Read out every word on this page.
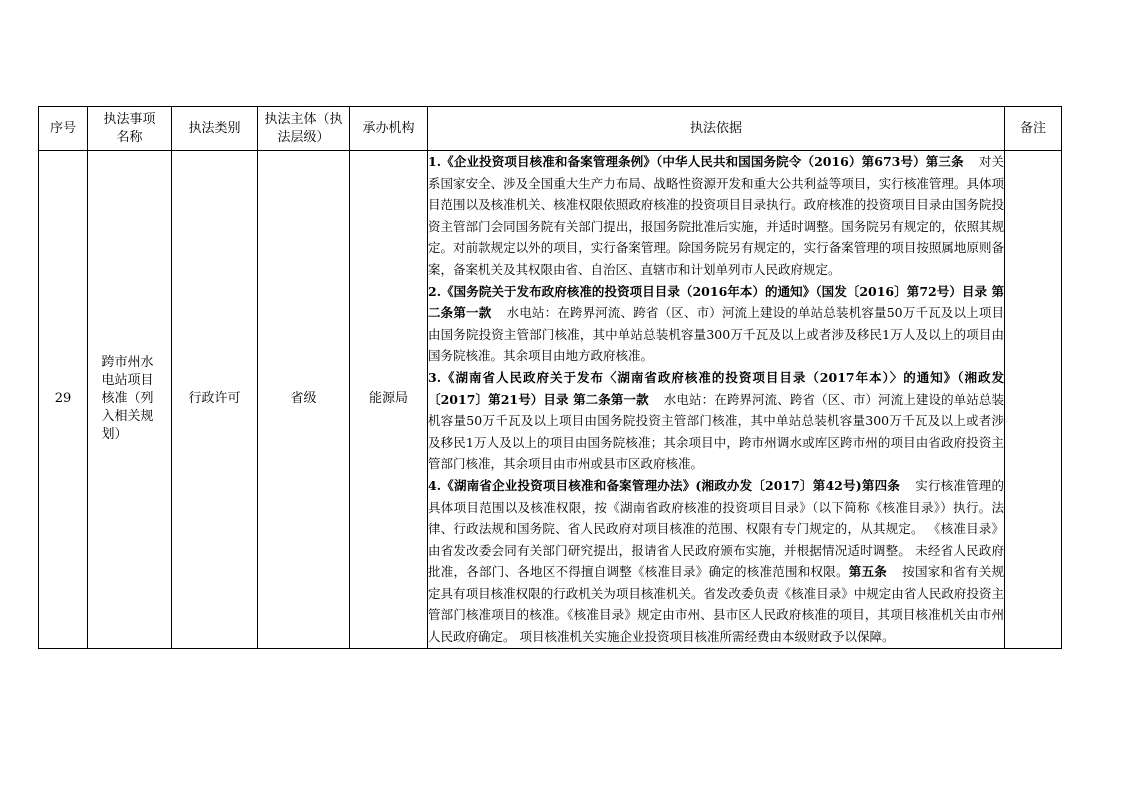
序号	执法事项名称	执法类别	执法主体（执法层级）	承办机构	执法依据	备注
29	跨市州水电站项目核准（列入相关规划）	行政许可	省级	能源局	1.《企业投资项目核准和备案管理条例》（中华人民共和国国务院令（2016）第673号）第三条 对关系国家安全、涉及全国重大生产力布局、战略性资源开发和重大公共利益等项目，实行核准管理。具体项目范围以及核准机关、核准权限依照政府核准的投资项目目录执行。政府核准的投资项目目录由国务院投资主管部门会同国务院有关部门提出，报国务院批准后实施，并适时调整。国务院另有规定的，依照其规定。对前款规定以外的项目，实行备案管理。除国务院另有规定的，实行备案管理的项目按照属地原则备案，备案机关及其权限由省、自治区、直辖市和计划单列市人民政府规定。

2.《国务院关于发布政府核准的投资项目目录（2016年本）的通知》（国发〔2016〕第72号）目录 第二条第一款 水电站：在跨界河流、跨省（区、市）河流上建设的单站总装机容量50万千瓦及以上项目由国务院投资主管部门核准，其中单站总装机容量300万千瓦及以上或者涉及移民1万人及以上的项目由国务院核准。其余项目由地方政府核准。

3.《湖南省人民政府关于发布〈湖南省政府核准的投资项目目录（2017年本）〉的通知》（湘政发〔2017〕第21号）目录 第二条第一款 水电站：在跨界河流、跨省（区、市）河流上建设的单站总装机容量50万千瓦及以上项目由国务院投资主管部门核准，其中单站总装机容量300万千瓦及以上或者涉及移民1万人及以上的项目由国务院核准；其余项目中，跨市州调水或库区跨市州的项目由省政府投资主管部门核准，其余项目由市州或县市区政府核准。

4.《湖南省企业投资项目核准和备案管理办法》(湘政办发〔2017〕第42号)第四条 实行核准管理的具体项目范围以及核准权限，按《湖南省政府核准的投资项目目录》（以下简称《核准目录》）执行。法律、行政法规和国务院、省人民政府对项目核准的范围、权限有专门规定的，从其规定。 《核准目录》由省发改委会同有关部门研究提出，报请省人民政府颁布实施，并根据情况适时调整。 未经省人民政府批准，各部门、各地区不得擅自调整《核准目录》确定的核准范围和权限。第五条 按国家和省有关规定具有项目核准权限的行政机关为项目核准机关。省发改委负责《核准目录》中规定由省人民政府投资主管部门核准项目的核准。《核准目录》规定由市州、县市区人民政府核准的项目，其项目核准机关由市州人民政府确定。 项目核准机关实施企业投资项目核准所需经费由本级财政予以保障。	
